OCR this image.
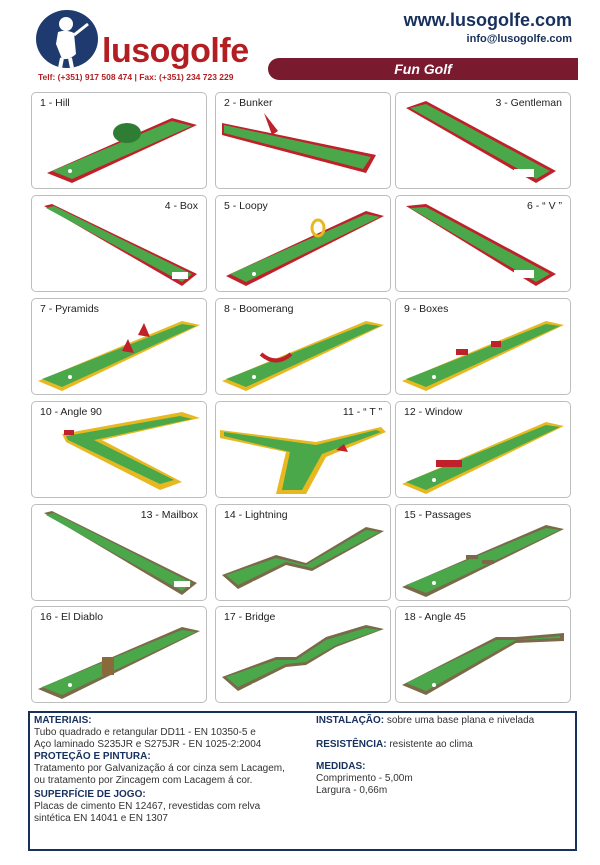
lusogolfe
Telf: (+351) 917 508 474 | Fax: (+351) 234 723 229
www.lusogolfe.com
info@lusogolfe.com
Fun Golf
1 - Hill	2 - Bunker	3 - Gentleman
4 - Box 5 - Loopy	6 - “ V ”
7 - Pyramids	8 - Boomerang	9 - Boxes
10 - Angle 90	11 - “ T ” 12 - Window
13 - Mailbox 14 - Lightning	15 - Passages
16 - El Diablo	17 - Bridge	18 - Angle 45
MATERIAIS:
Tubo quadrado e retangular DD11 - EN 10350-5 e
Aço laminado S235JR e S275JR - EN 1025-2:2004
PROTEÇÃO E PINTURA:
Tratamento por Galvanização á cor cinza sem Lacagem,
ou tratamento por Zincagem com Lacagem á cor.
SUPERFÍCIE DE JOGO:
Placas de cimento EN 12467, revestidas com relva
sintética EN 14041 e EN 1307
INSTALAÇÃO: sobre uma base plana e nivelada
RESISTÊNCIA: resistente ao clima
MEDIDAS:
Comprimento - 5,00m
Largura - 0,66m
